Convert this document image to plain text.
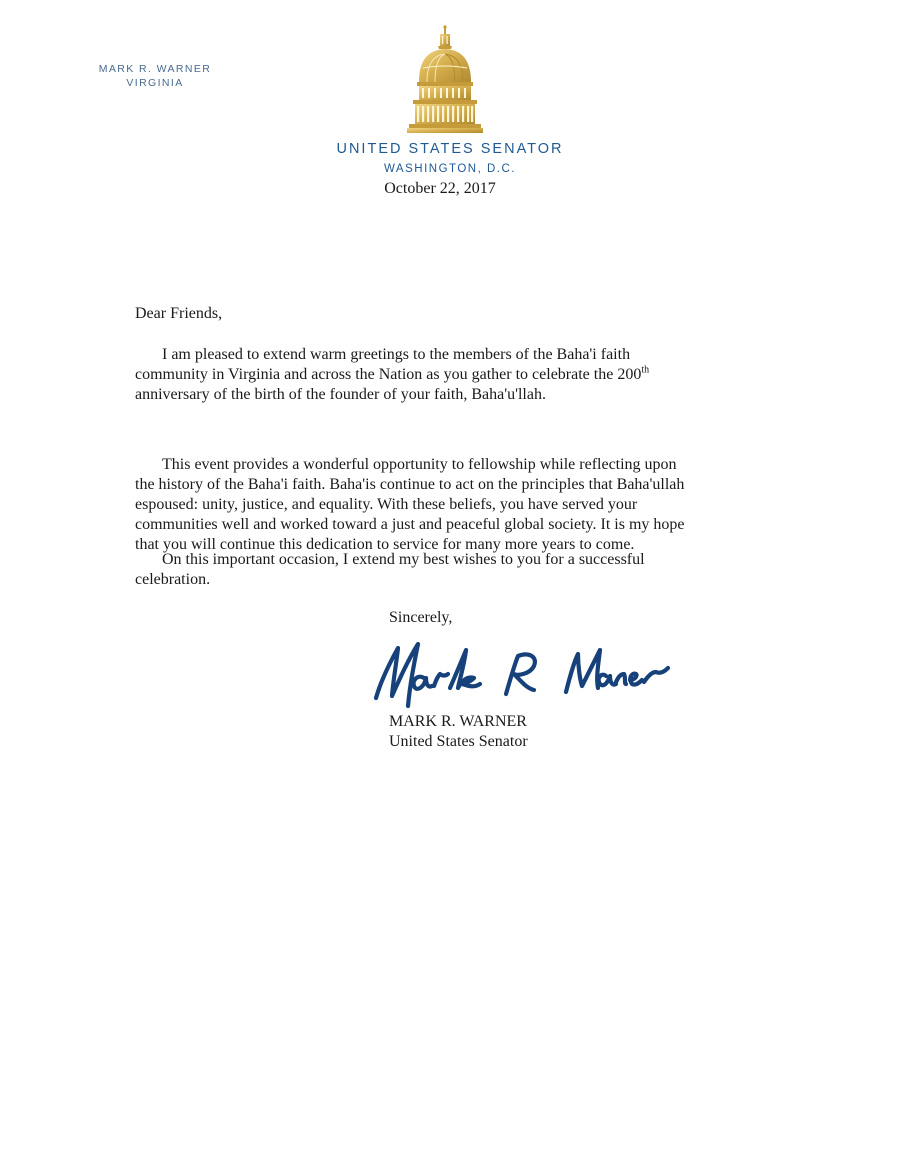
MARK R. WARNER
VIRGINIA
UNITED STATES SENATOR
WASHINGTON, D.C.
October 22, 2017
Dear Friends,

I am pleased to extend warm greetings to the members of the Baha'i faith
community in Virginia and across the Nation as you gather to celebrate the 200th
anniversary of the birth of the founder of your faith, Baha'u'llah.

This event provides a wonderful opportunity to fellowship while reflecting upon
the history of the Baha'i faith. Baha'is continue to act on the principles that Baha'ullah
espoused: unity, justice, and equality. With these beliefs, you have served your
communities well and worked toward a just and peaceful global society. It is my hope
that you will continue this dedication to service for many more years to come.

On this important occasion, I extend my best wishes to you for a successful
celebration.

Sincerely,
MARK R. WARNER
United States Senator
